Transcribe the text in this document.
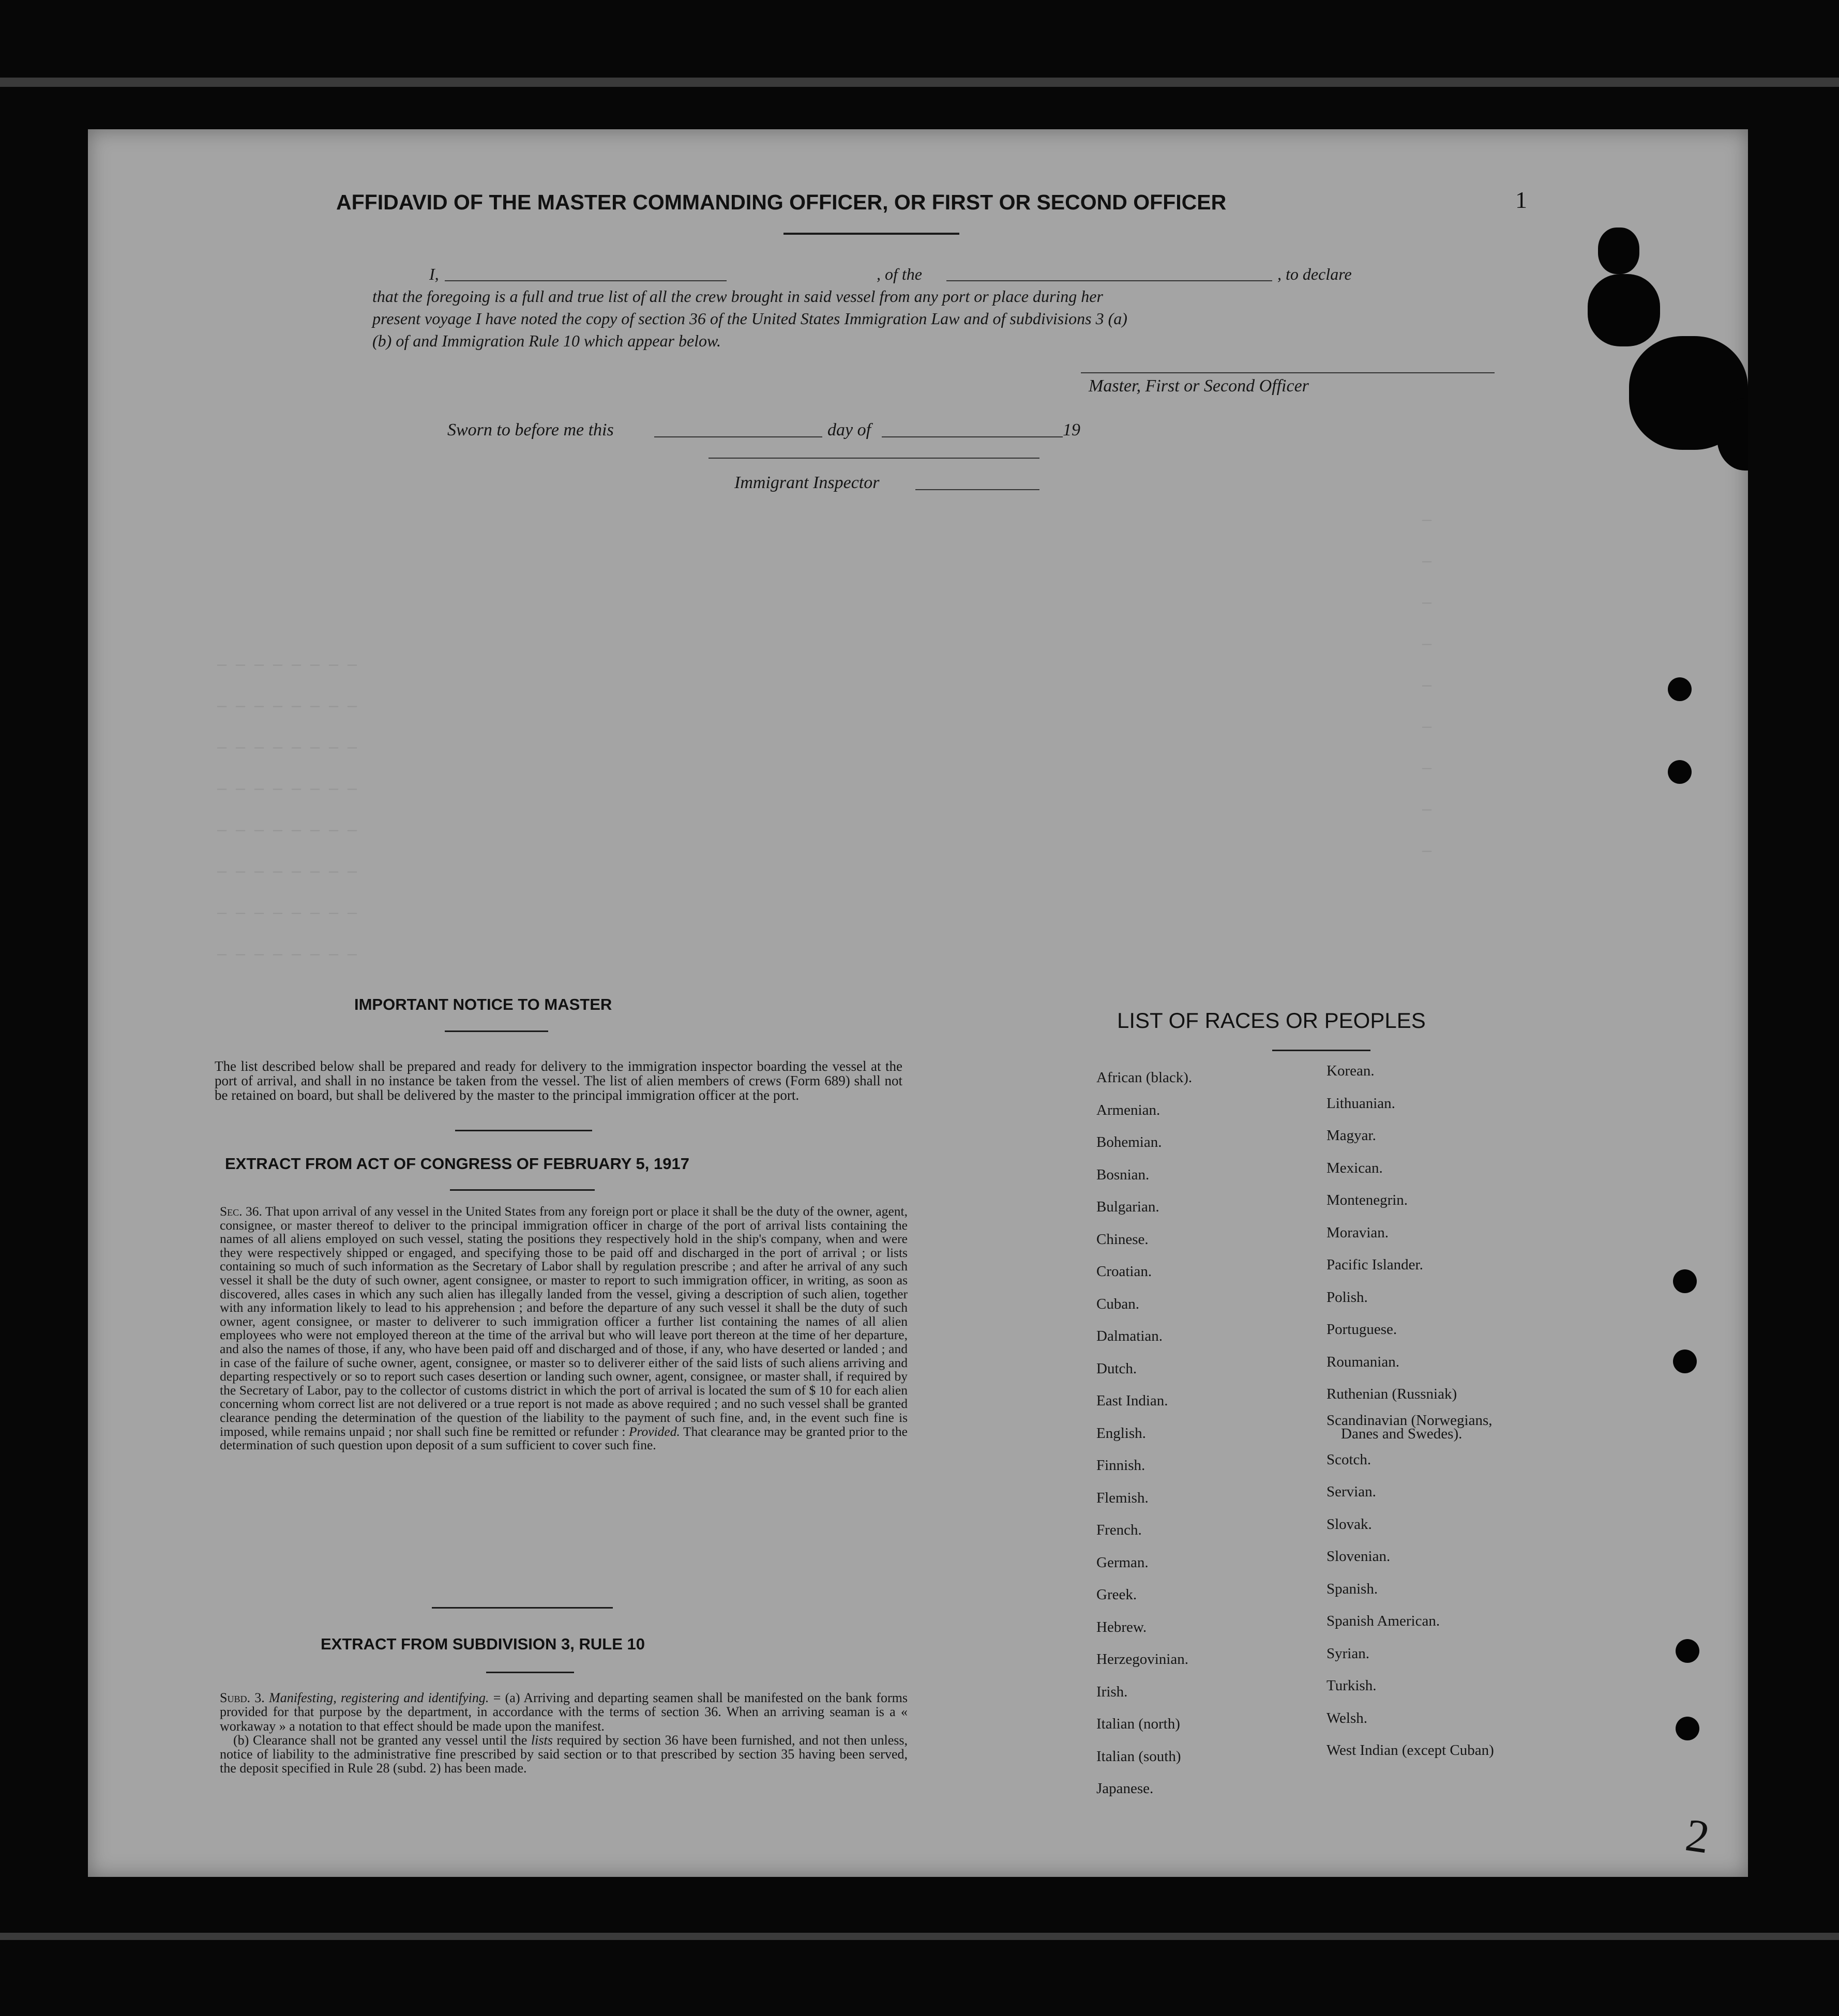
—
—
—
—
—
—
—
—
—
— — — — — — — —
— — — — — — — —
— — — — — — — —
— — — — — — — —
— — — — — — — —
— — — — — — — —
— — — — — — — —
— — — — — — — —
1
AFFIDAVID OF THE MASTER COMMANDING OFFICER, OR FIRST OR SECOND OFFICER
I,	, of the	, to declare
that the foregoing is a full and true list of all the crew brought in said vessel from any port or place during her
present voyage I have noted the copy of section 36 of the United States Immigration Law and of subdivisions 3 (a)
(b) of and Immigration Rule 10 which appear below.
Master, First or Second Officer
Sworn to before me this	day of	19
Immigrant Inspector
IMPORTANT NOTICE TO MASTER
The list described below shall be prepared and ready for delivery to the immigration inspector boarding the vessel at the port of arrival, and shall in no instance be taken from the vessel. The list of alien members of crews (Form 689) shall not be retained on board, but shall be delivered by the master to the principal immigration officer at the port.
EXTRACT FROM ACT OF CONGRESS OF FEBRUARY 5, 1917
Sec. 36. That upon arrival of any vessel in the United States from any foreign port or place it shall be the duty of the owner, agent, consignee, or master thereof to deliver to the principal immigration officer in charge of the port of arrival lists containing the names of all aliens employed on such vessel, stating the positions they respectively hold in the ship's company, when and were they were respectively shipped or engaged, and specifying those to be paid off and discharged in the port of arrival ; or lists containing so much of such information as the Secretary of Labor shall by regulation prescribe ; and after he arrival of any such vessel it shall be the duty of such owner, agent consignee, or master to report to such immigration officer, in writing, as soon as discovered, alles cases in which any such alien has illegally landed from the vessel, giving a description of such alien, together with any information likely to lead to his apprehension ; and before the departure of any such vessel it shall be the duty of such owner, agent consignee, or master to deliverer to such immigration officer a further list containing the names of all alien employees who were not employed thereon at the time of the arrival but who will leave port thereon at the time of her departure, and also the names of those, if any, who have been paid off and discharged and of those, if any, who have deserted or landed ; and in case of the failure of suche owner, agent, consignee, or master so to deliverer either of the said lists of such aliens arriving and departing respectively or so to report such cases desertion or landing such owner, agent, consignee, or master shall, if required by the Secretary of Labor, pay to the collector of customs district in which the port of arrival is located the sum of $ 10 for each alien concerning whom correct list are not delivered or a true report is not made as above required ; and no such vessel shall be granted clearance pending the determination of the question of the liability to the payment of such fine, and, in the event such fine is imposed, while remains unpaid ; nor shall such fine be remitted or refunder : Provided. That clearance may be granted prior to the determination of such question upon deposit of a sum sufficient to cover such fine.
EXTRACT FROM SUBDIVISION 3, RULE 10
Subd. 3. Manifesting, registering and identifying. = (a) Arriving and departing seamen shall be manifested on the bank forms provided for that purpose by the department, in accordance with the terms of section 36. When an arriving seaman is a « workaway » a notation to that effect should be made upon the manifest.
(b) Clearance shall not be granted any vessel until the lists required by section 36 have been furnished, and not then unless, notice of liability to the administrative fine prescribed by said section or to that prescribed by section 35 having been served, the deposit specified in Rule 28 (subd. 2) has been made.
LIST OF RACES OR PEOPLES
African (black).
Armenian.
Bohemian.
Bosnian.
Bulgarian.
Chinese.
Croatian.
Cuban.
Dalmatian.
Dutch.
East Indian.
English.
Finnish.
Flemish.
French.
German.
Greek.
Hebrew.
Herzegovinian.
Irish.
Italian (north)
Italian (south)
Japanese.
Korean.
Lithuanian.
Magyar.
Mexican.
Montenegrin.
Moravian.
Pacific Islander.
Polish.
Portuguese.
Roumanian.
Ruthenian (Russniak)
Scandinavian (Norwegians,
Danes and Swedes).
Scotch.
Servian.
Slovak.
Slovenian.
Spanish.
Spanish American.
Syrian.
Turkish.
Welsh.
West Indian (except Cuban)
2
